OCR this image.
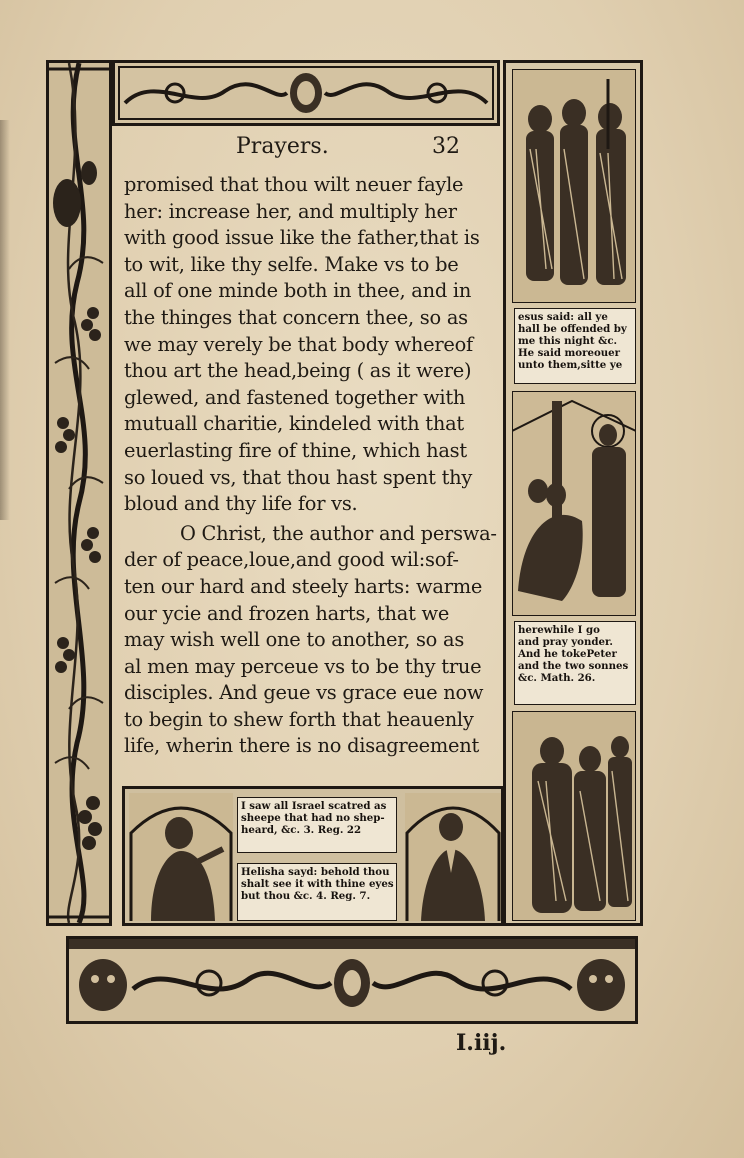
Prayers.	32
promised that thou wilt neuer fayle
her: increase her, and multiply her
with good issue like the father,that is
to wit, like thy selfe. Make vs to be
all of one minde both in thee, and in
the thinges that concern thee, so as
we may verely be that body whereof
thou art the head,being ( as it were)
glewed, and fastened together with
mutuall charitie, kindeled with that
euerlasting fire of thine, which hast
so loued vs, that thou hast spent thy
bloud and thy life for vs.
O Christ, the author and perswa-
der of peace,loue,and good wil:sof-
ten our hard and steely harts: warme
our ycie and frozen harts, that we
may wish well one to another, so as
al men may perceue vs to be thy true
disciples. And geue vs grace eue now
to begin to shew forth that heauenly
life, wherin there is no disagreement
esus said: all ye
hall be offended by
me this night &c.
He said moreouer
unto them,sitte ye
herewhile I go
and pray yonder.
And he tokePeter
and the two sonnes
&c. Math. 26.
I saw all Israel scatred as
sheepe that had no shep-
heard, &c. 3. Reg. 22
Helisha sayd: behold thou
shalt see it with thine eyes
but thou &c. 4. Reg. 7.
I.iij.
